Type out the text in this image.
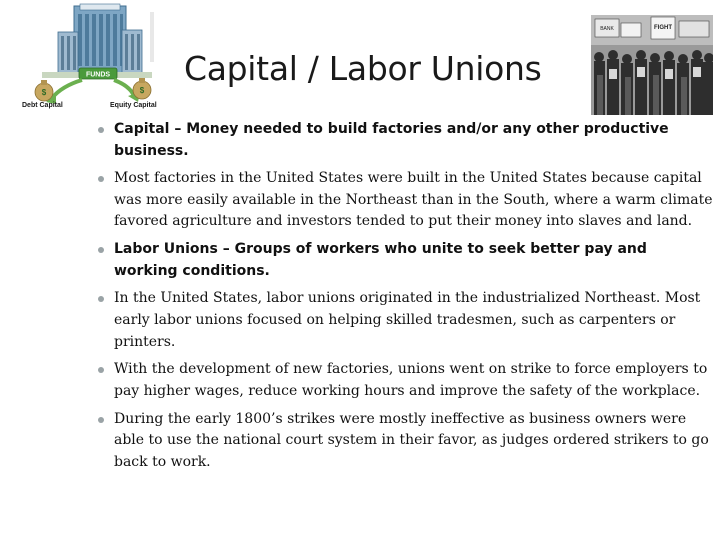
FUNDS
$	$
Debt Capital	Equity Capital
BANK	FIGHT
Capital / Labor Unions
Capital – Money needed to build factories and/or any other productive business.
Most factories in the United States were built in the United States because capital was more easily available in the Northeast than in the South, where a warm climate favored agriculture and investors tended to put their money into slaves and land.
Labor Unions – Groups of workers who unite to seek better pay and working conditions.
In the United States, labor unions originated in the industrialized Northeast. Most early labor unions focused on helping skilled tradesmen, such as carpenters or printers.
With the development of new factories, unions went on strike to force employers to pay higher wages, reduce working hours and improve the safety of the workplace.
During the early 1800’s strikes were mostly ineffective as business owners were able to use the national court system in their favor, as judges ordered strikers to go back to work.
